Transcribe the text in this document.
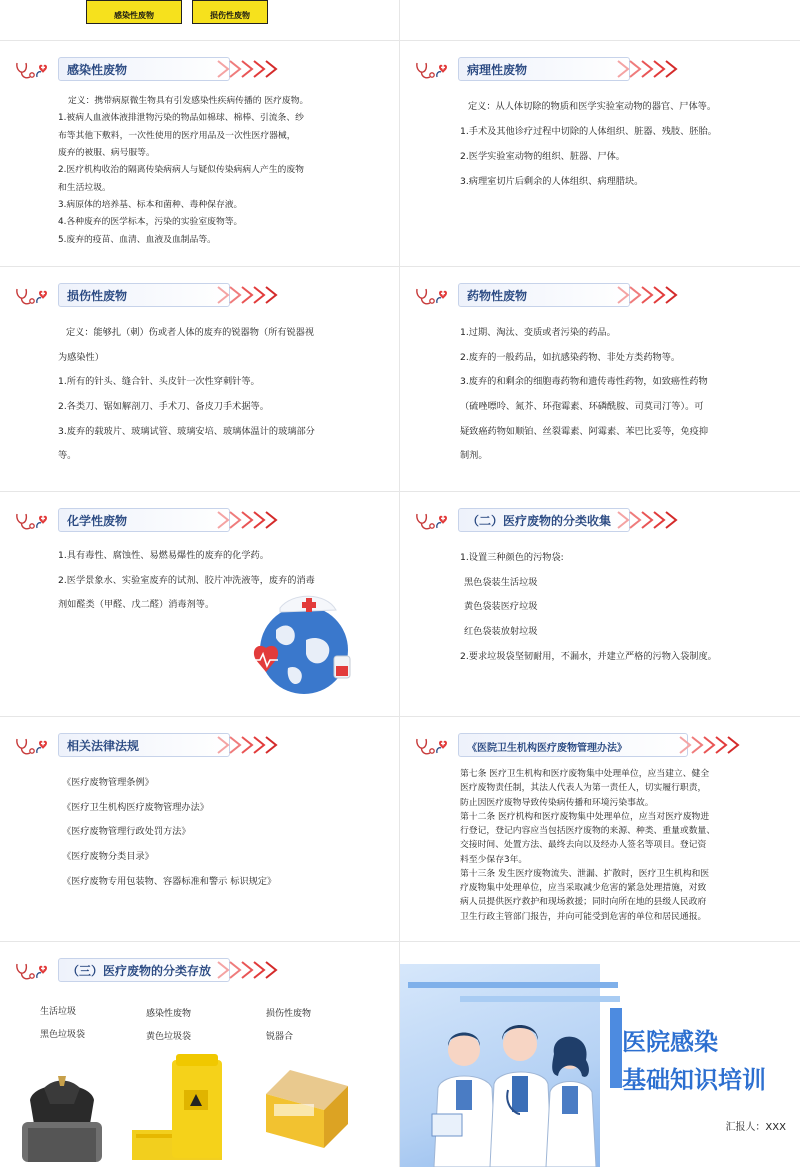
感染性废物	损伤性废物
感染性废物

定义：携带病原微生物具有引发感染性疾病传播的 医疗废物。

1.被病人血液体液排泄物污染的物品如棉球、棉棒、引流条、纱

布等其他下敷料，一次性使用的医疗用品及一次性医疗器械，

废弃的被服、病号服等。

2.医疗机构收治的隔离传染病病人与疑似传染病病人产生的废物

和生活垃圾。

3.病原体的培养基、标本和菌种、毒种保存液。

4.各种废弃的医学标本，污染的实验室废物等。

5.废弃的疫苗、血清、血液及血制品等。

病理性废物

定义：从人体切除的物质和医学实验室动物的器官、尸体等。

1.手术及其他诊疗过程中切除的人体组织、脏器、残肢、胚胎。

2.医学实验室动物的组织、脏器、尸体。

3.病理室切片后剩余的人体组织、病理腊块。

损伤性废物

定义：能够扎（刺）伤或者人体的废弃的锐器物（所有锐器视

为感染性）

1.所有的针头、缝合针、头皮针一次性穿刺针等。

2.各类刀、锯如解剖刀、手术刀、备皮刀手术据等。

3.废弃的载玻片、玻璃试管、玻璃安培、玻璃体温计的玻璃部分

等。

药物性废物

1.过期、淘汰、变质或者污染的药品。

2.废弃的一般药品，如抗感染药物、非处方类药物等。

3.废弃的和剩余的细胞毒药物和遗传毒性药物，如致癌性药物

（硫唑嘌呤、氮芥、环孢霉素、环磷酰胺、司莫司汀等）。可

疑致癌药物如顺铂、丝裂霉素、阿霉素、苯巴比妥等，免疫抑

制剂。

化学性废物

1.具有毒性、腐蚀性、易燃易爆性的废弃的化学药。

2.医学景象水、实验室废弃的试剂、胶片冲洗液等，废弃的消毒

剂如醛类（甲醛、戊二醛）消毒剂等。

（二）医疗废物的分类收集

1.设置三种颜色的污物袋:

黑色袋装生活垃圾

黄色袋装医疗垃圾

红色袋装放射垃圾

2.要求垃圾袋坚韧耐用，不漏水，并建立严格的污物入袋制度。

相关法律法规

《医疗废物管理条例》

《医疗卫生机构医疗废物管理办法》

《医疗废物管理行政处罚方法》

《医疗废物分类目录》

《医疗废物专用包装物、容器标准和警示 标识规定》

《医院卫生机构医疗废物管理办法》

第七条 医疗卫生机构和医疗废物集中处理单位，应当建立、健全

医疗废物责任制，其法人代表人为第一责任人，切实履行职责，

防止因医疗废物导致传染病传播和环境污染事故。

第十二条 医疗机构和医疗废物集中处理单位，应当对医疗废物进

行登记，登记内容应当包括医疗废物的来源、种类、重量或数量、

交接时间、处置方法、最终去向以及经办人签名等项目。登记资

料至少保存3年。

第十三条 发生医疗废物流失、泄漏、扩散时，医疗卫生机构和医

疗废物集中处理单位，应当采取减少危害的紧急处理措施，对致

病人员提供医疗救护和现场救援；同时向所在地的县级人民政府

卫生行政主管部门报告，并向可能受到危害的单位和居民通报。

（三）医疗废物的分类存放
生活垃圾
黑色垃圾袋
感染性废物
黄色垃圾袋
损伤性废物
锐器合	医院感染
基础知识培训
汇报人：XXX
